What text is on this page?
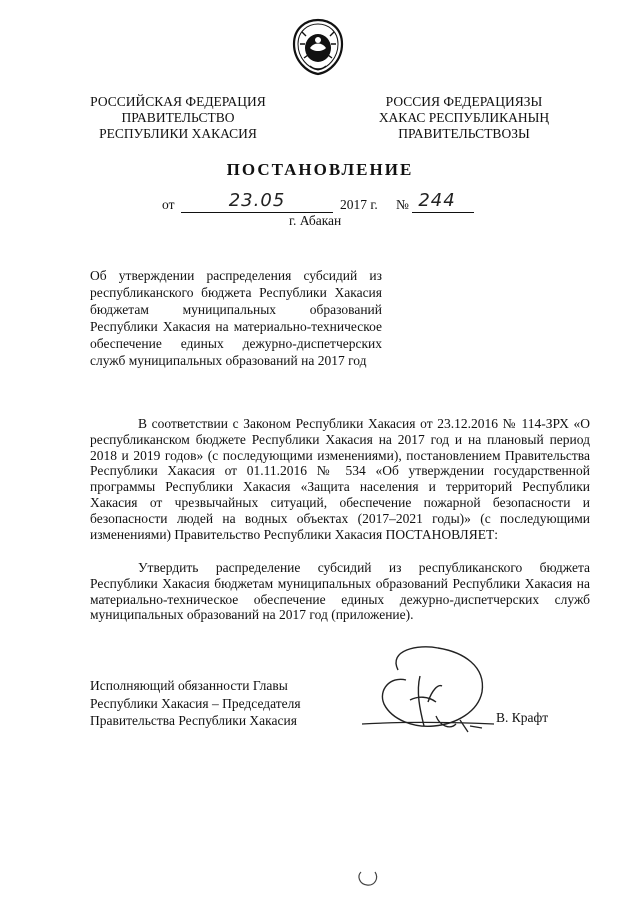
РОССИЙСКАЯ ФЕДЕРАЦИЯ
ПРАВИТЕЛЬСТВО
РЕСПУБЛИКИ ХАКАСИЯ
РОССИЯ ФЕДЕРАЦИЯЗЫ
ХАКАС РЕСПУБЛИКАНЫҢ
ПРАВИТЕЛЬСТВОЗЫ
ПОСТАНОВЛЕНИЕ
от	23.05	2017 г. № 244
г. Абакан
Об утверждении распределения субсидий из республиканского бюджета Республики Хакасия бюджетам муниципальных образований Республики Хакасия на материально-техническое обеспечение единых дежурно-диспетчерских служб муниципальных образований на 2017 год

В соответствии с Законом Республики Хакасия от 23.12.2016 № 114-ЗРХ «О республиканском бюджете Республики Хакасия на 2017 год и на плановый период 2018 и 2019 годов» (с последующими изменениями), постановлением Правительства Республики Хакасия от 01.11.2016 № 534 «Об утверждении государственной программы Республики Хакасия «Защита населения и территорий Республики Хакасия от чрезвычайных ситуаций, обеспечение пожарной безопасности и безопасности людей на водных объектах (2017–2021 годы)» (с последующими изменениями) Правительство Республики Хакасия ПОСТАНОВЛЯЕТ:

Утвердить распределение субсидий из республиканского бюджета Республики Хакасия бюджетам муниципальных образований Республики Хакасия на материально-техническое обеспечение единых дежурно-диспетчерских служб муниципальных образований на 2017 год (приложение).

Исполняющий обязанности Главы
Республики Хакасия – Председателя
Правительства Республики Хакасия	В. Крафт
